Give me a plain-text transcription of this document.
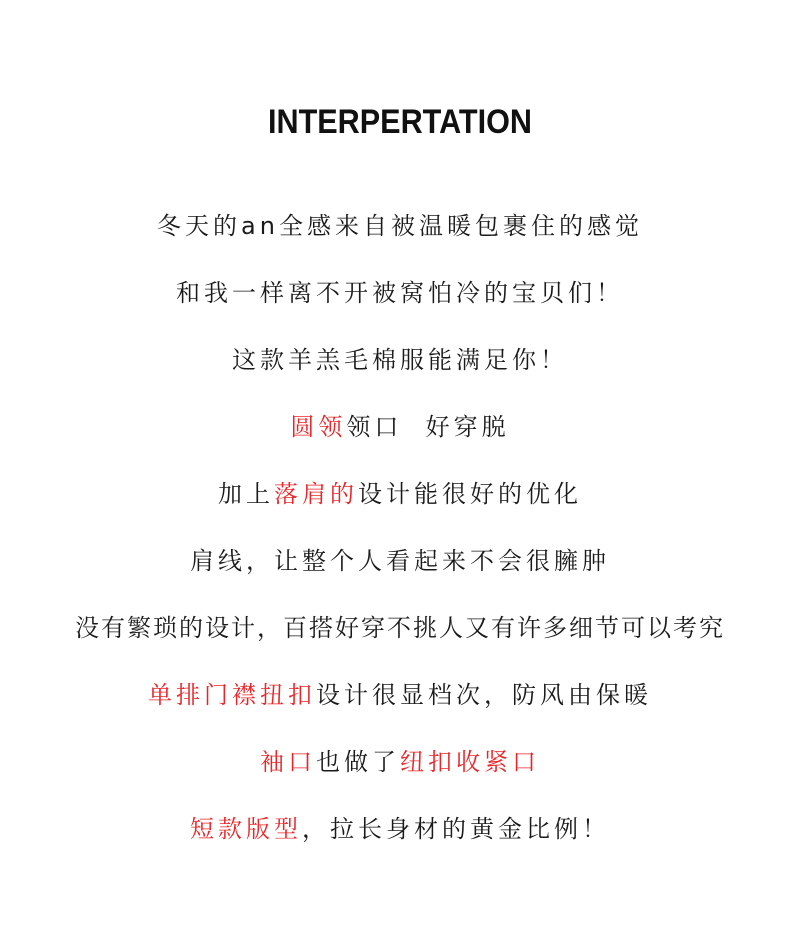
INTERPERTATION
冬天的an全感来自被温暖包裹住的感觉
和我一样离不开被窝怕冷的宝贝们！
这款羊羔毛棉服能满足你！
圆领领口  好穿脱
加上落肩的设计能很好的优化
肩线，让整个人看起来不会很臃肿
没有繁琐的设计，百搭好穿不挑人又有许多细节可以考究
单排门襟扭扣设计很显档次，防风由保暖
袖口也做了纽扣收紧口
短款版型，拉长身材的黄金比例！
